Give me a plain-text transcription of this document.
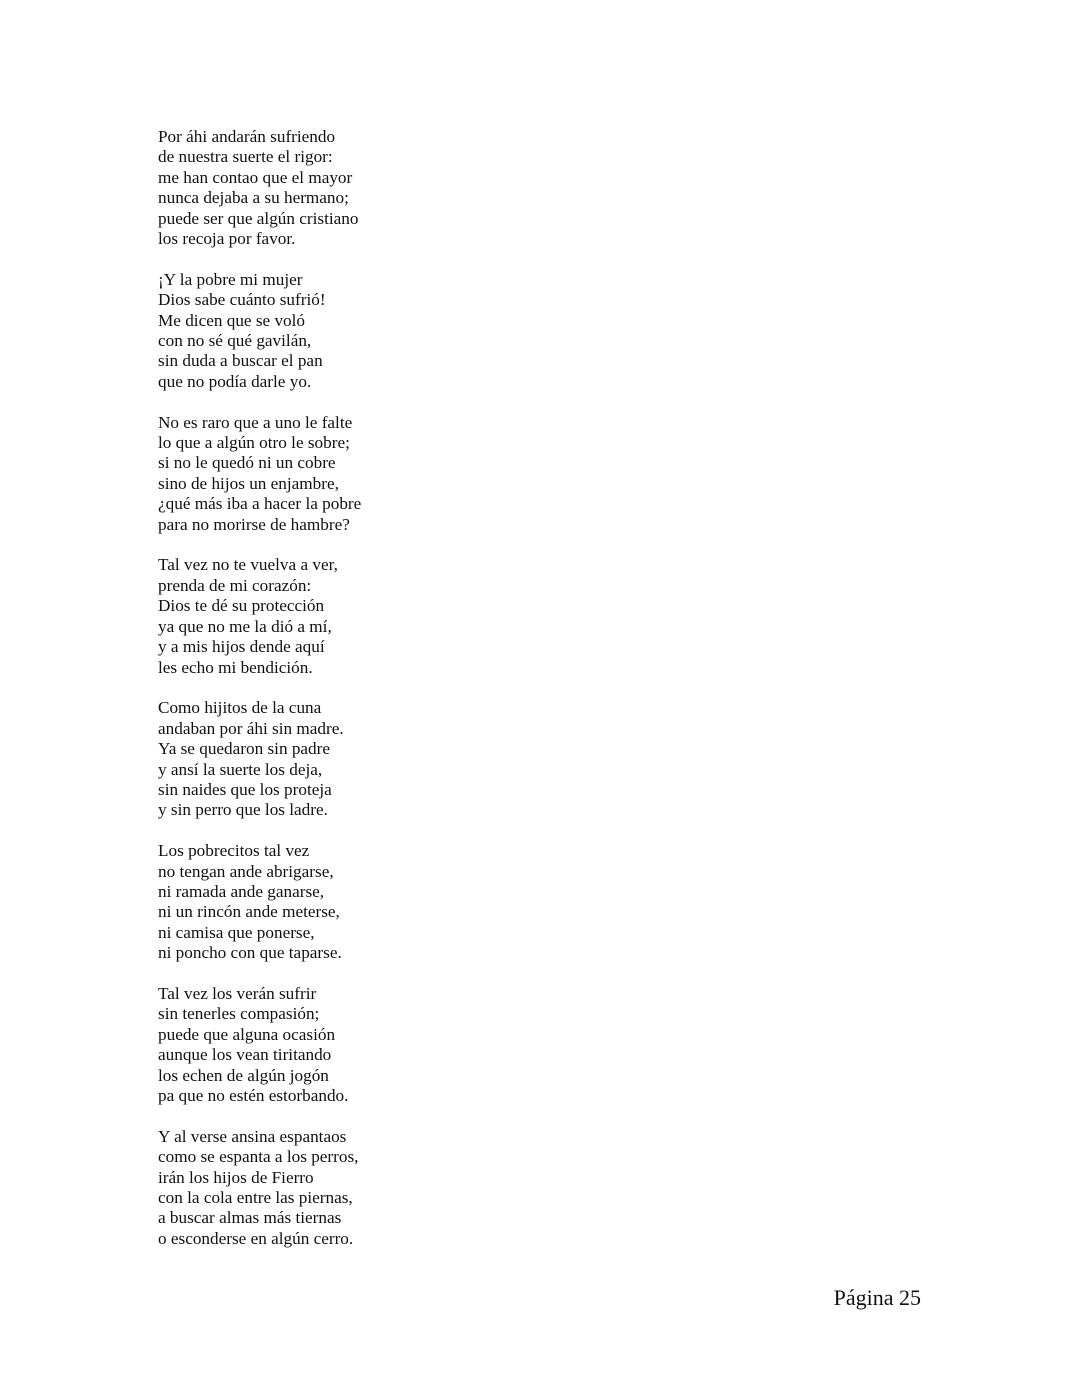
Por áhi andarán sufriendo
de nuestra suerte el rigor:
me han contao que el mayor
nunca dejaba a su hermano;
puede ser que algún cristiano
los recoja por favor.
¡Y la pobre mi mujer
Dios sabe cuánto sufrió!
Me dicen que se voló
con no sé qué gavilán,
sin duda a buscar el pan
que no podía darle yo.
No es raro que a uno le falte
lo que a algún otro le sobre;
si no le quedó ni un cobre
sino de hijos un enjambre,
¿qué más iba a hacer la pobre
para no morirse de hambre?
Tal vez no te vuelva a ver,
prenda de mi corazón:
Dios te dé su protección
ya que no me la dió a mí,
y a mis hijos dende aquí
les echo mi bendición.
Como hijitos de la cuna
andaban por áhi sin madre.
Ya se quedaron sin padre
y ansí la suerte los deja,
sin naides que los proteja
y sin perro que los ladre.
Los pobrecitos tal vez
no tengan ande abrigarse,
ni ramada ande ganarse,
ni un rincón ande meterse,
ni camisa que ponerse,
ni poncho con que taparse.
Tal vez los verán sufrir
sin tenerles compasión;
puede que alguna ocasión
aunque los vean tiritando
los echen de algún jogón
pa que no estén estorbando.
Y al verse ansina espantaos
como se espanta a los perros,
irán los hijos de Fierro
con la cola entre las piernas,
a buscar almas más tiernas
o esconderse en algún cerro.
Página 25
